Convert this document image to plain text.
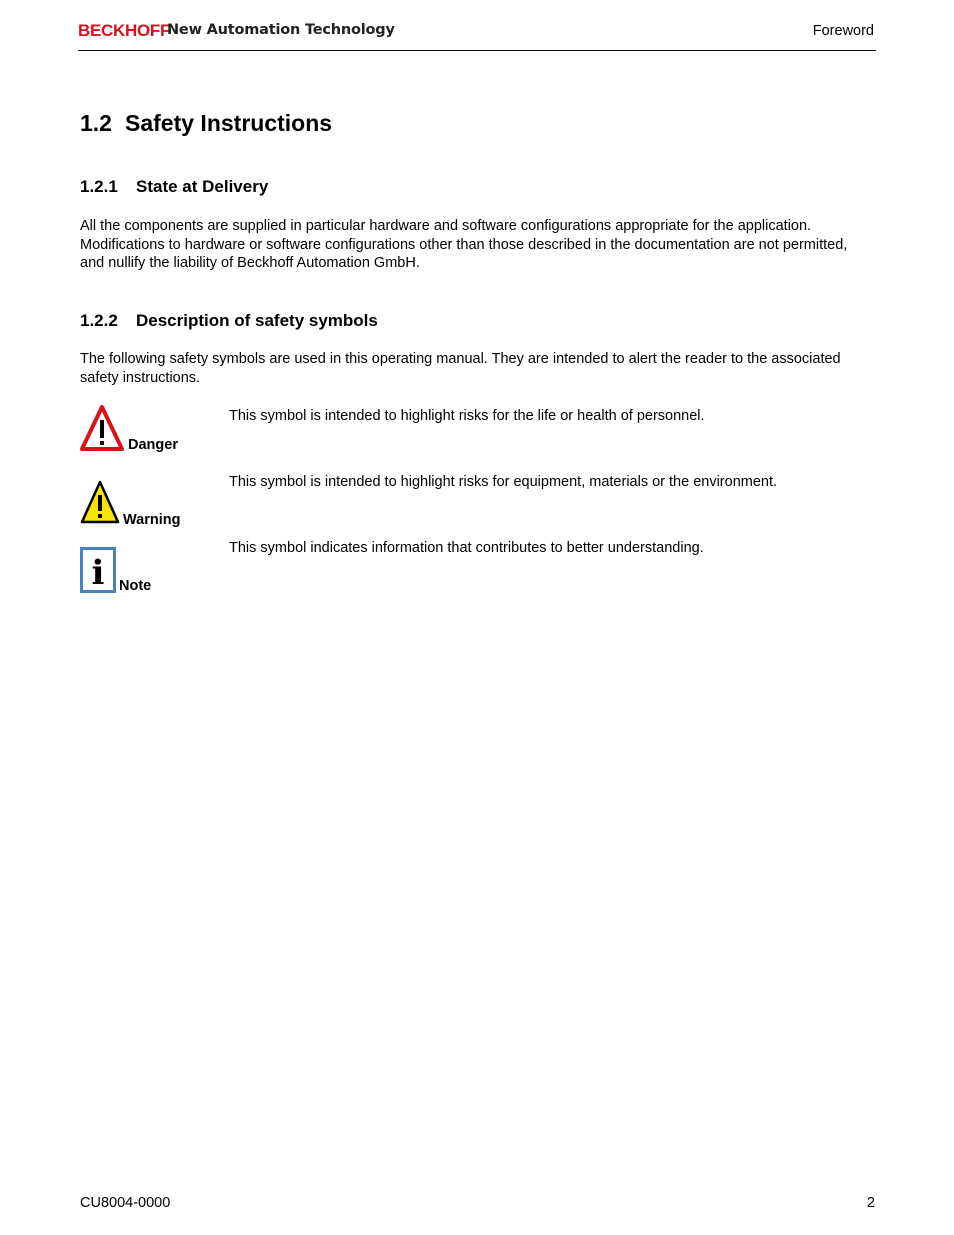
BECKHOFF
New Automation Technology	Foreword
1.2 Safety Instructions
1.2.1 State at Delivery

All the components are supplied in particular hardware and software configurations appropriate for the application. Modifications to hardware or software configurations other than those described in the documentation are not permitted, and nullify the liability of Beckhoff Automation GmbH.

1.2.2 Description of safety symbols

The following safety symbols are used in this operating manual. They are intended to alert the reader to the associated safety instructions.

Danger

This symbol is intended to highlight risks for the life or health of personnel.

Warning

This symbol is intended to highlight risks for equipment, materials or the environment.

i Note

This symbol indicates information that contributes to better understanding.

CU8004-0000	2
